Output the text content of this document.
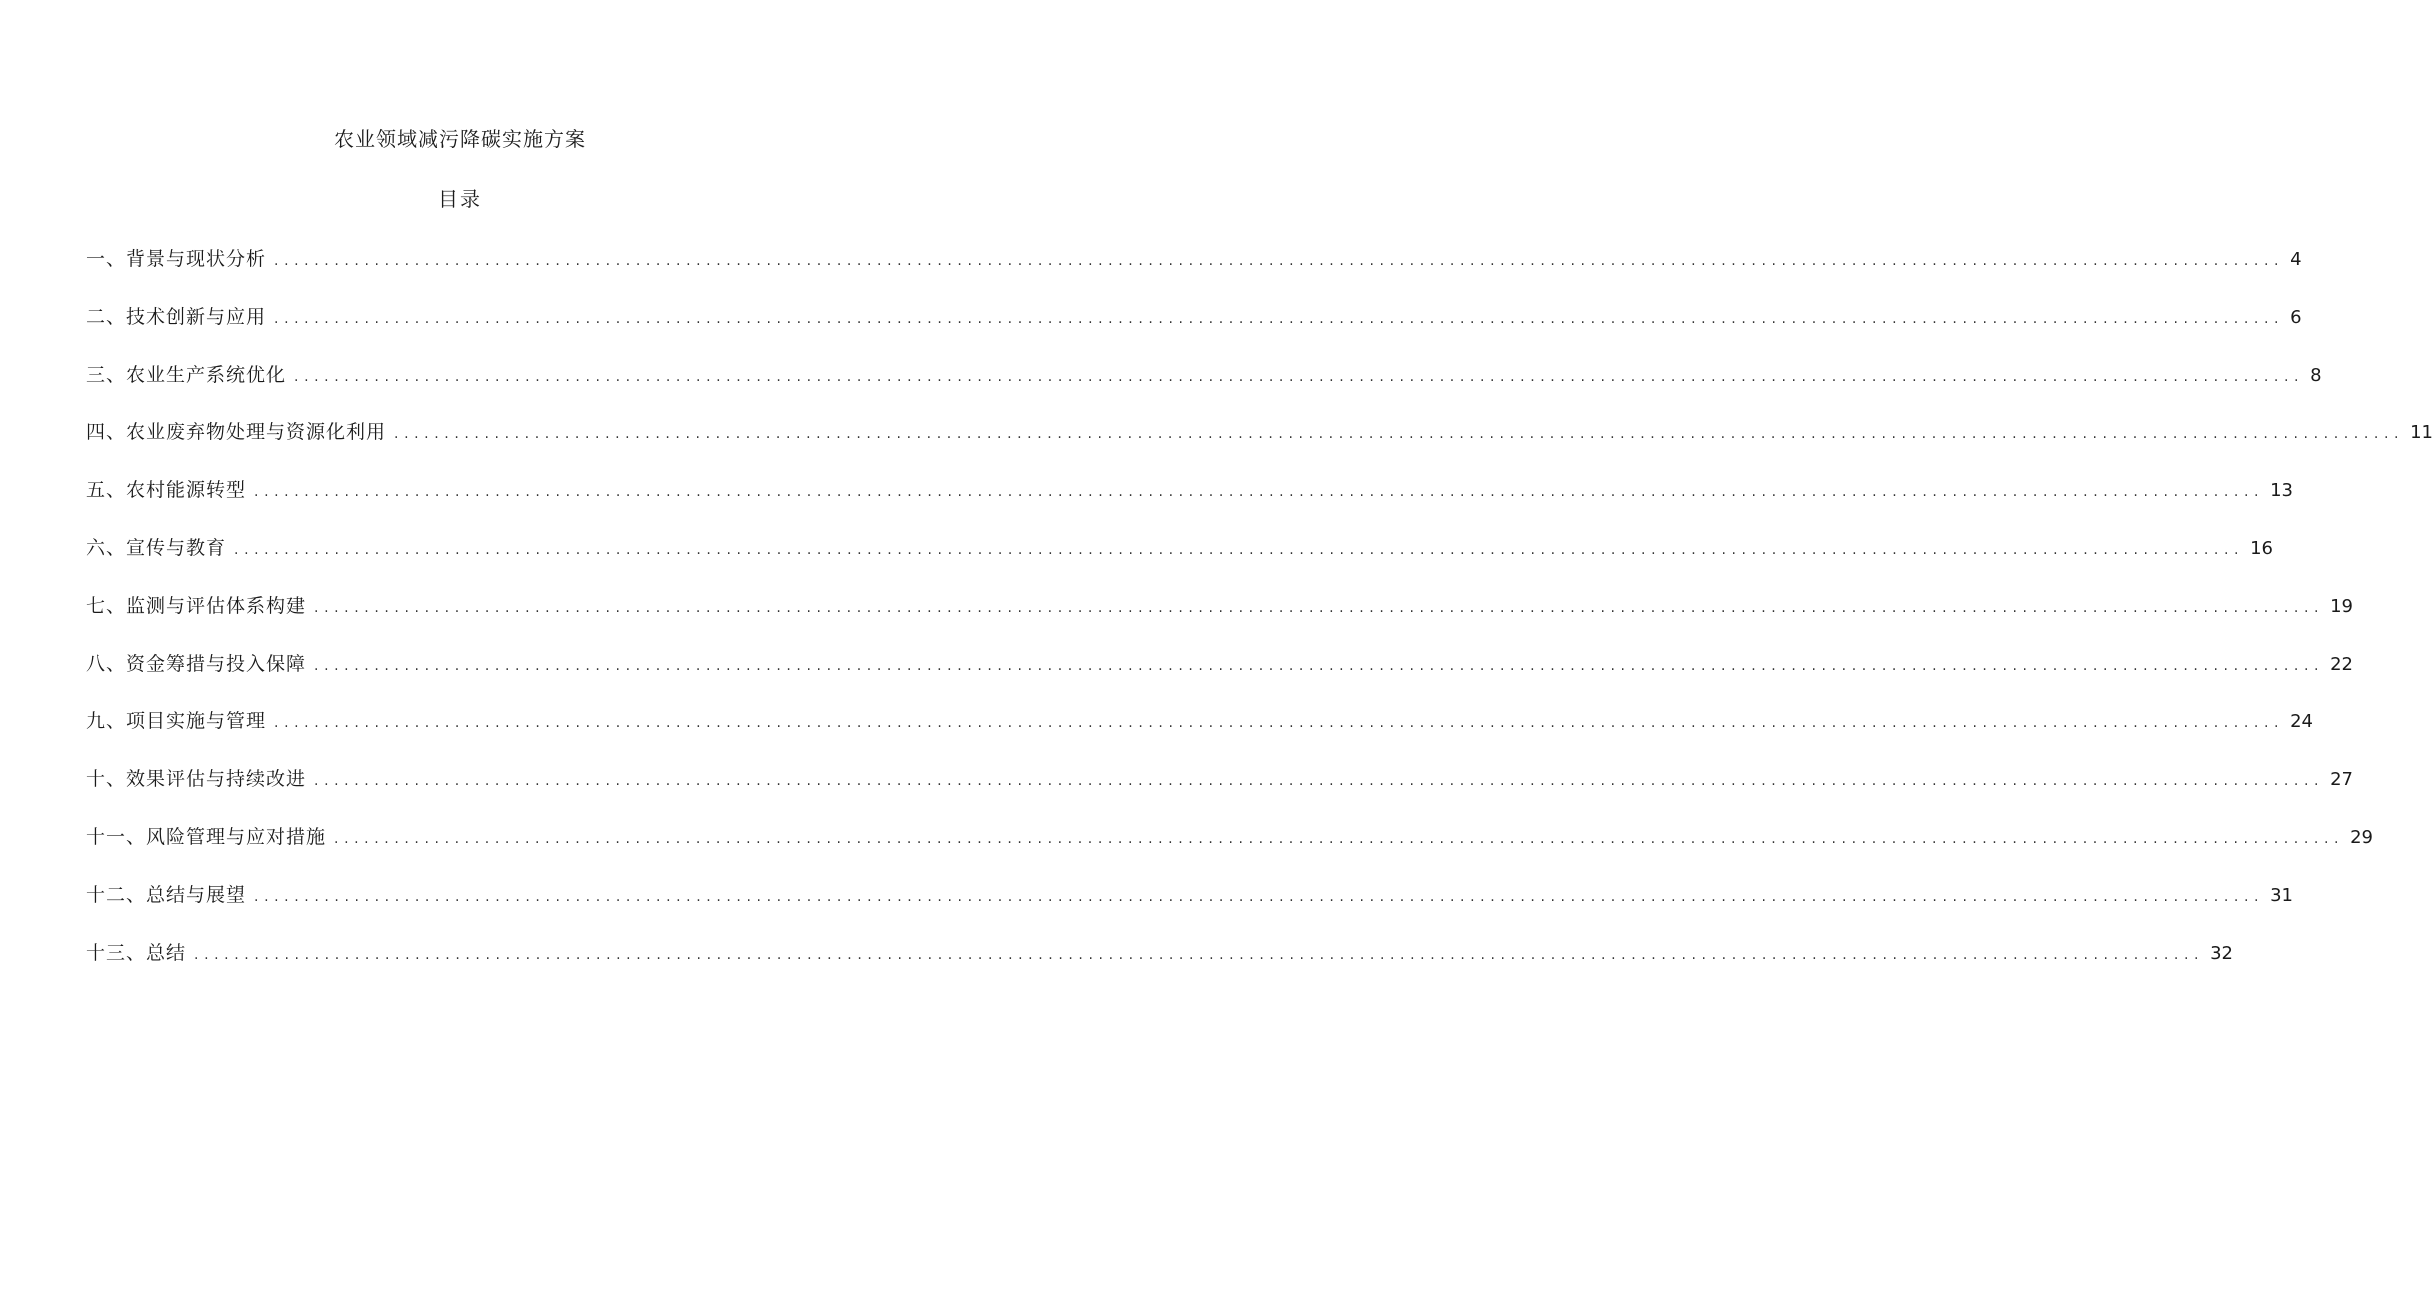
农业领域减污降碳实施方案
目录
一、背景与现状分析 ........................................................................................................................................................................................................ 4
二、技术创新与应用 ........................................................................................................................................................................................................ 6
三、农业生产系统优化 ........................................................................................................................................................................................................ 8
四、农业废弃物处理与资源化利用 ........................................................................................................................................................................................................ 11
五、农村能源转型 ........................................................................................................................................................................................................ 13
六、宣传与教育 ........................................................................................................................................................................................................ 16
七、监测与评估体系构建 ........................................................................................................................................................................................................ 19
八、资金筹措与投入保障 ........................................................................................................................................................................................................ 22
九、项目实施与管理 ........................................................................................................................................................................................................ 24
十、效果评估与持续改进 ........................................................................................................................................................................................................ 27
十一、风险管理与应对措施 ........................................................................................................................................................................................................ 29
十二、总结与展望 ........................................................................................................................................................................................................ 31
十三、总结 ........................................................................................................................................................................................................ 32
